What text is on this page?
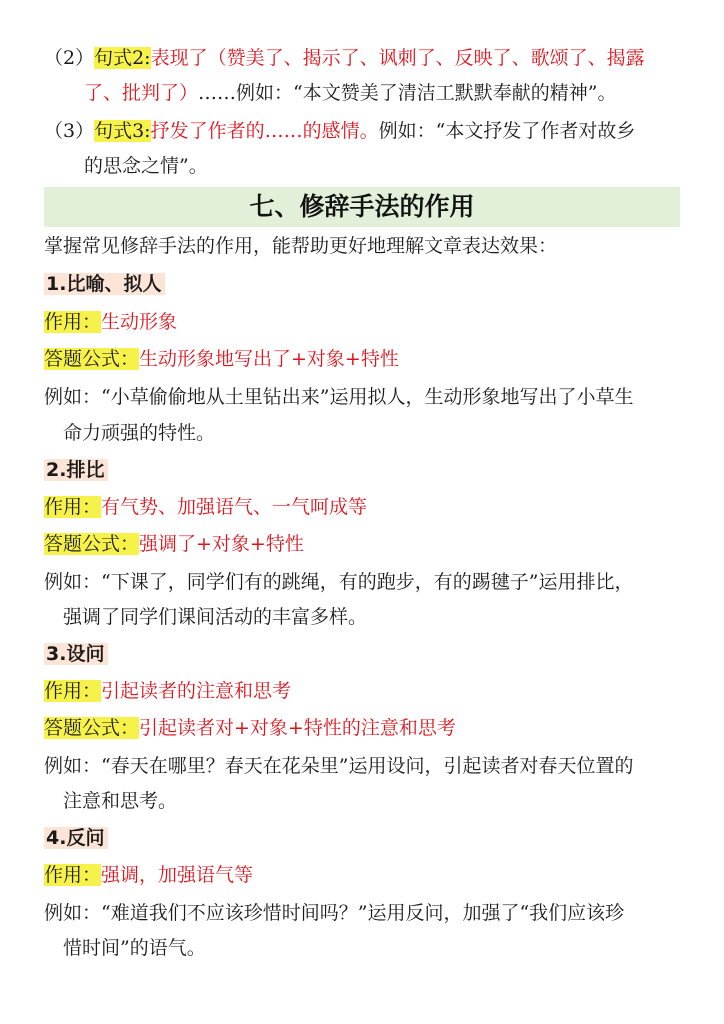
（2）句式2:表现了（赞美了、揭示了、讽刺了、反映了、歌颂了、揭露
了、批判了）……例如：“本文赞美了清洁工默默奉献的精神”。
（3）句式3:抒发了作者的……的感情。例如：“本文抒发了作者对故乡
的思念之情”。
七、修辞手法的作用
掌握常见修辞手法的作用，能帮助更好地理解文章表达效果：
1.比喻、拟人
作用：生动形象
答题公式：生动形象地写出了+对象+特性
例如：“小草偷偷地从土里钻出来”运用拟人，生动形象地写出了小草生
命力顽强的特性。
2.排比
作用：有气势、加强语气、一气呵成等
答题公式：强调了+对象+特性
例如：“下课了，同学们有的跳绳，有的跑步，有的踢毽子”运用排比，
强调了同学们课间活动的丰富多样。
3.设问
作用：引起读者的注意和思考
答题公式：引起读者对+对象+特性的注意和思考
例如：“春天在哪里？春天在花朵里”运用设问，引起读者对春天位置的
注意和思考。
4.反问
作用：强调，加强语气等
例如：“难道我们不应该珍惜时间吗？”运用反问，加强了“我们应该珍
惜时间”的语气。
